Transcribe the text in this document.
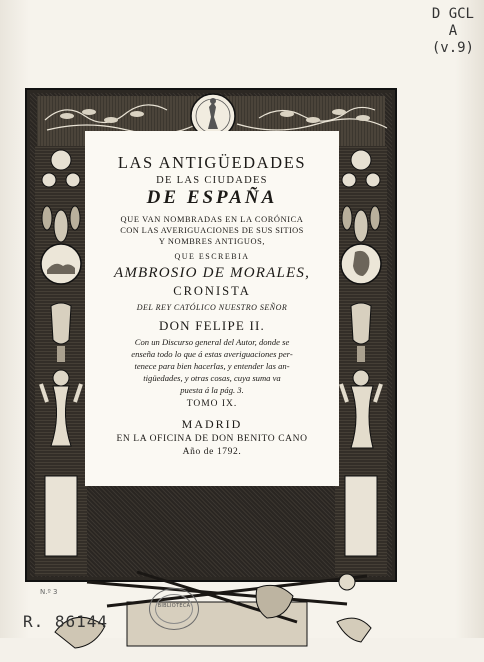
D GCL
A
(v.9)
LAS ANTIGÜEDADES
DE LAS CIUDADES
DE ESPAÑA
QUE VAN NOMBRADAS EN LA CORÓNICA
CON LAS AVERIGUACIONES DE SUS SITIOS
Y NOMBRES ANTIGUOS,
QUE ESCREBIA
AMBROSIO DE MORALES,
CRONISTA
DEL REY CATÓLICO NUESTRO SEÑOR
DON FELIPE II.
Con un Discurso general del Autor, donde se
enseña todo lo que á estas averiguaciones per-
tenece para bien hacerlas, y entender las an-
tigüedades, y otras cosas, cuya suma va
puesta á la pág. 3.
TOMO IX.
MADRID
EN LA OFICINA DE DON BENITO CANO
Año de 1792.
N.º 3
BIBLIOTECA
R. 86144
